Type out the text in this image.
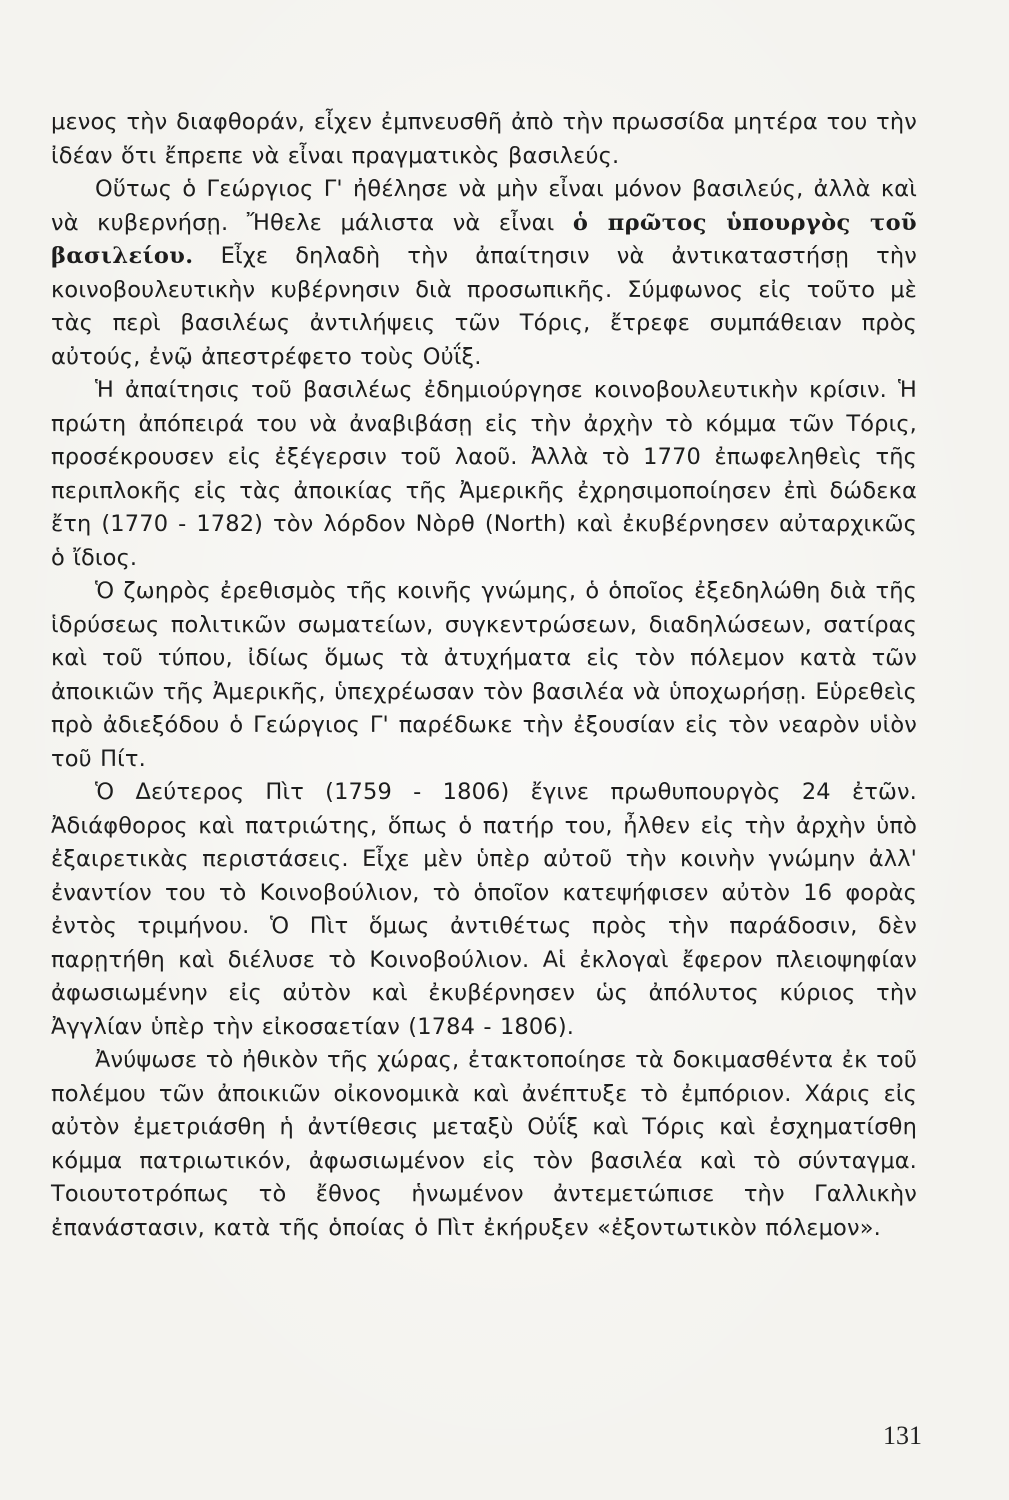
μενος τὴν διαφθοράν, εἶχεν ἐμπνευσθῆ ἀπὸ τὴν πρωσσίδα μητέρα του τὴν ἰδέαν ὅτι ἔπρεπε νὰ εἶναι πραγματικὸς βασιλεύς.

Οὕτως ὁ Γεώργιος Γ' ἠθέλησε νὰ μὴν εἶναι μόνον βασιλεύς, ἀλλὰ καὶ νὰ κυβερνήσῃ. Ἤθελε μάλιστα νὰ εἶναι ὁ πρῶτος ὑπουργὸς τοῦ βασιλείου. Εἶχε δηλαδὴ τὴν ἀπαίτησιν νὰ ἀντικαταστήσῃ τὴν κοινοβουλευτικὴν κυβέρνησιν διὰ προσωπικῆς. Σύμφωνος εἰς τοῦτο μὲ τὰς περὶ βασιλέως ἀντιλήψεις τῶν Τόρις, ἔτρεφε συμπάθειαν πρὸς αὐτούς, ἐνῷ ἀπεστρέφετο τοὺς Οὐΐξ.

Ἡ ἀπαίτησις τοῦ βασιλέως ἐδημιούργησε κοινοβουλευτικὴν κρίσιν. Ἡ πρώτη ἀπόπειρά του νὰ ἀναβιβάσῃ εἰς τὴν ἀρχὴν τὸ κόμμα τῶν Τόρις, προσέκρουσεν εἰς ἐξέγερσιν τοῦ λαοῦ. Ἀλλὰ τὸ 1770 ἐπωφεληθεὶς τῆς περιπλοκῆς εἰς τὰς ἀποικίας τῆς Ἀμερικῆς ἐχρησιμοποίησεν ἐπὶ δώδεκα ἔτη (1770 - 1782) τὸν λόρδον Νὸρθ (North) καὶ ἐκυβέρνησεν αὐταρχικῶς ὁ ἴδιος.

Ὁ ζωηρὸς ἐρεθισμὸς τῆς κοινῆς γνώμης, ὁ ὁποῖος ἐξεδηλώθη διὰ τῆς ἱδρύσεως πολιτικῶν σωματείων, συγκεντρώσεων, διαδηλώσεων, σατίρας καὶ τοῦ τύπου, ἰδίως ὅμως τὰ ἀτυχήματα εἰς τὸν πόλεμον κατὰ τῶν ἀποικιῶν τῆς Ἀμερικῆς, ὑπεχρέωσαν τὸν βασιλέα νὰ ὑποχωρήσῃ. Εὑρεθεὶς πρὸ ἀδιεξόδου ὁ Γεώργιος Γ' παρέδωκε τὴν ἐξουσίαν εἰς τὸν νεαρὸν υἱὸν τοῦ Πίτ.

Ὁ Δεύτερος Πὶτ (1759 - 1806) ἔγινε πρωθυπουργὸς 24 ἐτῶν. Ἀδιάφθορος καὶ πατριώτης, ὅπως ὁ πατήρ του, ἦλθεν εἰς τὴν ἀρχὴν ὑπὸ ἐξαιρετικὰς περιστάσεις. Εἶχε μὲν ὑπὲρ αὐτοῦ τὴν κοινὴν γνώμην ἀλλ' ἐναντίον του τὸ Κοινοβούλιον, τὸ ὁποῖον κατεψήφισεν αὐτὸν 16 φορὰς ἐντὸς τριμήνου. Ὁ Πὶτ ὅμως ἀντιθέτως πρὸς τὴν παράδοσιν, δὲν παρῃτήθη καὶ διέλυσε τὸ Κοινοβούλιον. Αἱ ἐκλογαὶ ἔφερον πλειοψηφίαν ἀφωσιωμένην εἰς αὐτὸν καὶ ἐκυβέρνησεν ὡς ἀπόλυτος κύριος τὴν Ἀγγλίαν ὑπὲρ τὴν εἰκοσαετίαν (1784 - 1806).

Ἀνύψωσε τὸ ἠθικὸν τῆς χώρας, ἐτακτοποίησε τὰ δοκιμασθέντα ἐκ τοῦ πολέμου τῶν ἀποικιῶν οἰκονομικὰ καὶ ἀνέπτυξε τὸ ἐμπόριον. Χάρις εἰς αὐτὸν ἐμετριάσθη ἡ ἀντίθεσις μεταξὺ Οὐΐξ καὶ Τόρις καὶ ἐσχηματίσθη κόμμα πατριωτικόν, ἀφωσιωμένον εἰς τὸν βασιλέα καὶ τὸ σύνταγμα. Τοιουτοτρόπως τὸ ἔθνος ἡνωμένον ἀντεμετώπισε τὴν Γαλλικὴν ἐπανάστασιν, κατὰ τῆς ὁποίας ὁ Πὶτ ἐκήρυξεν «ἐξοντωτικὸν πόλεμον».

131
